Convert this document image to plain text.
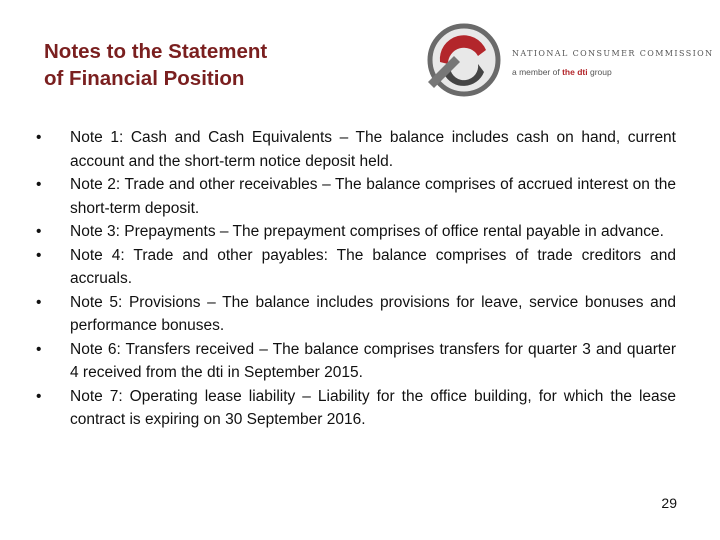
Notes to the Statement
of Financial Position
NATIONAL CONSUMER COMMISSION
a member of the dti group
• Note 1: Cash and Cash Equivalents – The balance includes cash on hand, current account and the short-term notice deposit held.
• Note 2: Trade and other receivables – The balance comprises of accrued interest on the short-term deposit.
• Note 3: Prepayments – The prepayment comprises of office rental payable in advance.
• Note 4: Trade and other payables: The balance comprises of trade creditors and accruals.
• Note 5: Provisions – The balance includes provisions for leave, service bonuses and performance bonuses.
• Note 6: Transfers received – The balance comprises transfers for quarter 3 and quarter 4 received from the dti in September 2015.
• Note 7: Operating lease liability – Liability for the office building, for which the lease contract is expiring on 30 September 2016.
29
